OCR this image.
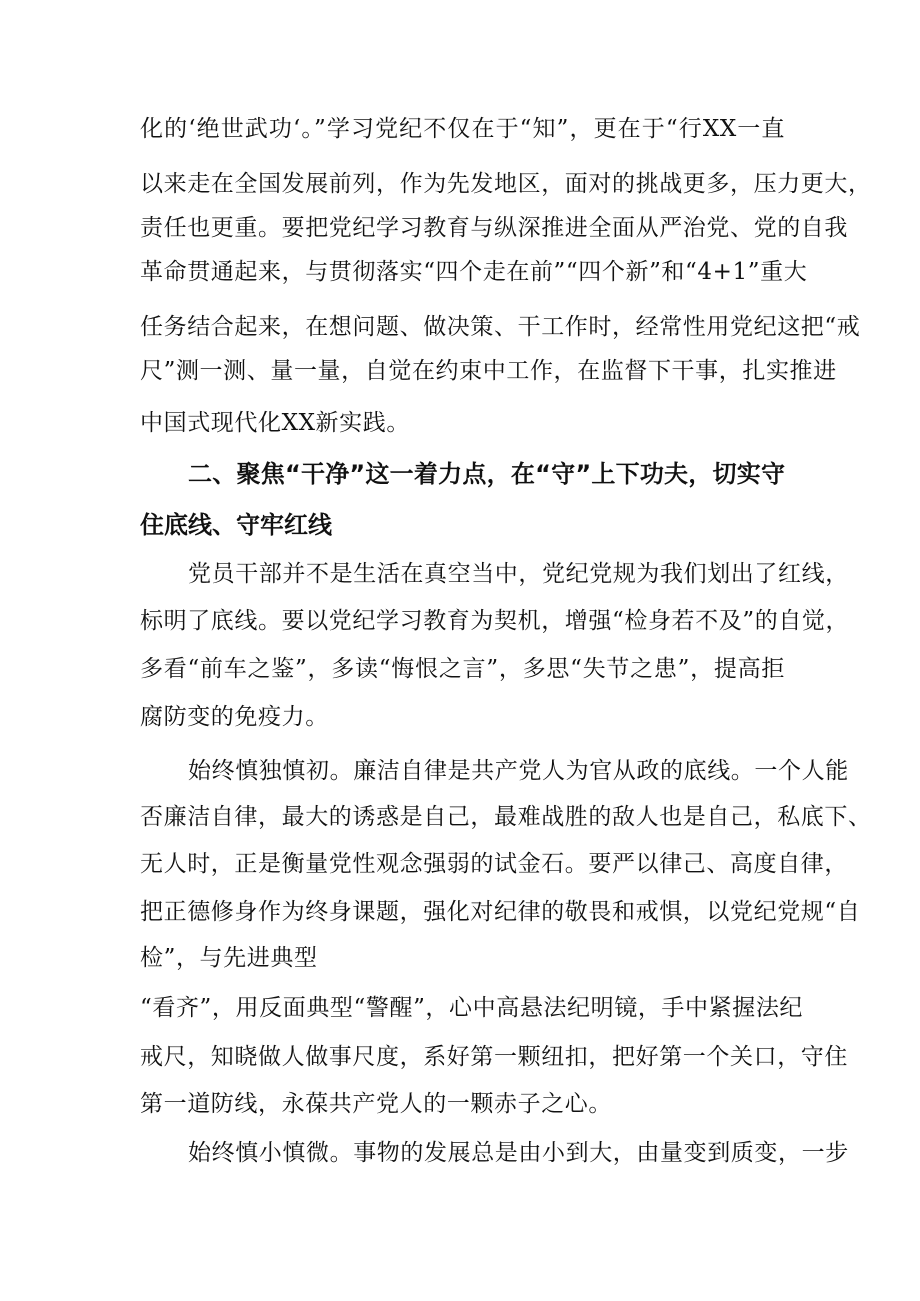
化的‘绝世武功‘。”学习党纪不仅在于“知”，更在于“行XX一直
以来走在全国发展前列，作为先发地区，面对的挑战更多，压力更大，
责任也更重。要把党纪学习教育与纵深推进全面从严治党、党的自我
革命贯通起来，与贯彻落实“四个走在前”“四个新”和“4+1”重大
任务结合起来，在想问题、做决策、干工作时，经常性用党纪这把“戒
尺”测一测、量一量，自觉在约束中工作，在监督下干事，扎实推进
中国式现代化XX新实践。
二、聚焦“干净”这一着力点，在“守”上下功夫，切实守
住底线、守牢红线
党员干部并不是生活在真空当中，党纪党规为我们划出了红线，
标明了底线。要以党纪学习教育为契机，增强“检身若不及”的自觉，
多看“前车之鉴”，多读“悔恨之言”，多思“失节之患”，提高拒
腐防变的免疫力。
始终慎独慎初。廉洁自律是共产党人为官从政的底线。一个人能
否廉洁自律，最大的诱惑是自己，最难战胜的敌人也是自己，私底下、
无人时，正是衡量党性观念强弱的试金石。要严以律己、高度自律，
把正德修身作为终身课题，强化对纪律的敬畏和戒惧，以党纪党规“自
检”，与先进典型
“看齐”，用反面典型“警醒”，心中高悬法纪明镜，手中紧握法纪
戒尺，知晓做人做事尺度，系好第一颗纽扣，把好第一个关口，守住
第一道防线，永葆共产党人的一颗赤子之心。
始终慎小慎微。事物的发展总是由小到大，由量变到质变，一步
